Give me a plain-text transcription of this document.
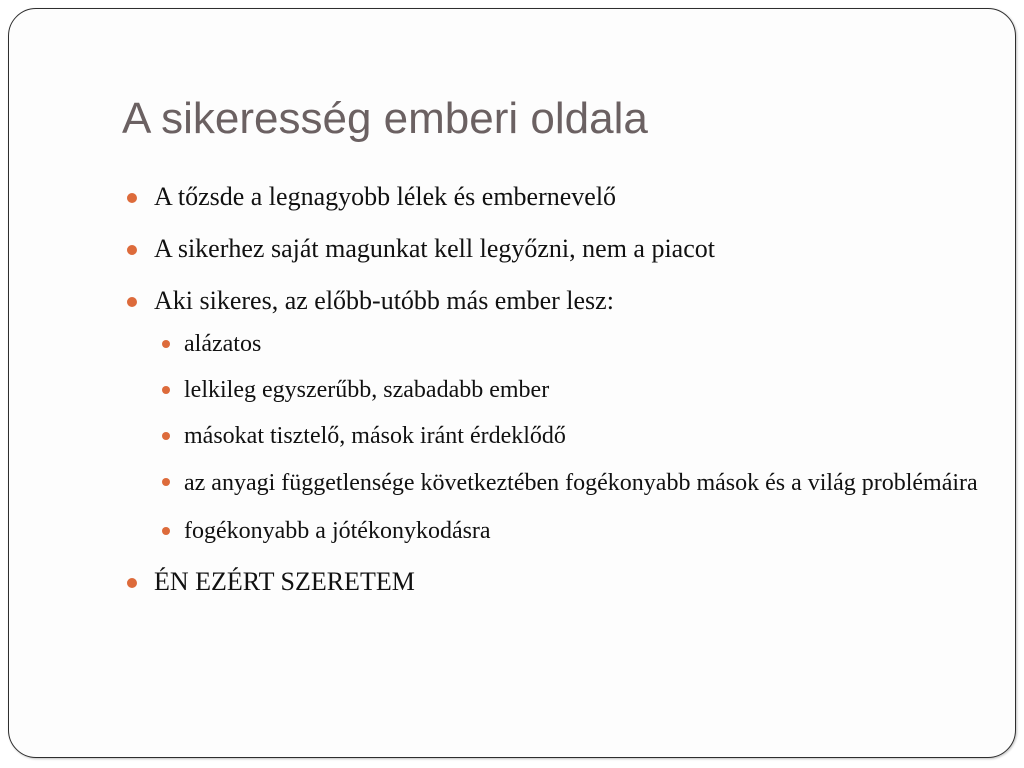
A sikeresség emberi oldala
A tőzsde a legnagyobb lélek és embernevelő
A sikerhez saját magunkat kell legyőzni, nem a piacot
Aki sikeres, az előbb-utóbb más ember lesz:
alázatos
lelkileg egyszerűbb, szabadabb ember
másokat tisztelő, mások iránt érdeklődő
az anyagi függetlensége következtében fogékonyabb mások és a világ problémáira
fogékonyabb a jótékonykodásra
ÉN EZÉRT SZERETEM
